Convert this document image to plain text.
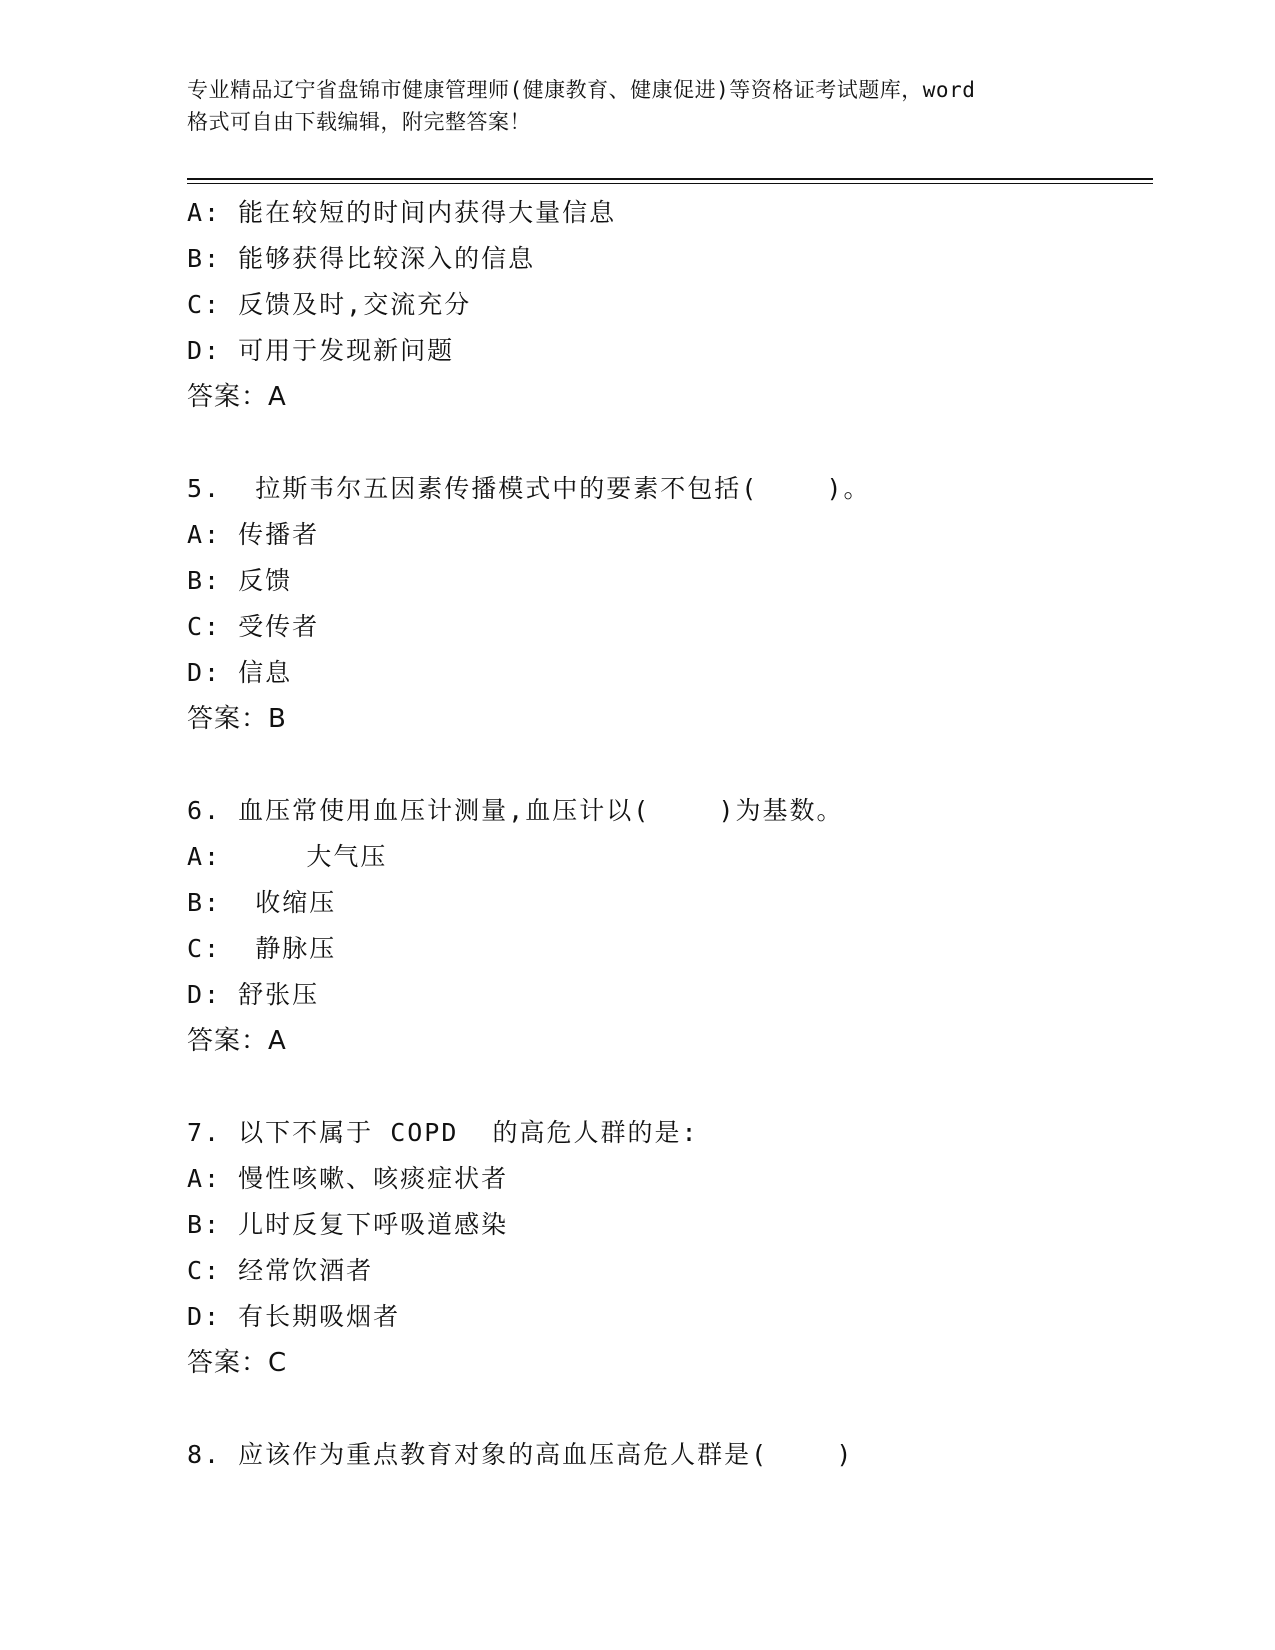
专业精品辽宁省盘锦市健康管理师(健康教育、健康促进)等资格证考试题库，word
格式可自由下载编辑，附完整答案！
A: 能在较短的时间内获得大量信息
B: 能够获得比较深入的信息
C: 反馈及时,交流充分
D: 可用于发现新问题
答案：A
5.  拉斯韦尔五因素传播模式中的要素不包括(    )。
A: 传播者
B: 反馈
C: 受传者
D: 信息
答案：B
6. 血压常使用血压计测量,血压计以(    )为基数。
A:     大气压
B:  收缩压
C:  静脉压
D: 舒张压
答案：A
7. 以下不属于 COPD  的高危人群的是:
A: 慢性咳嗽、咳痰症状者
B: 儿时反复下呼吸道感染
C: 经常饮酒者
D: 有长期吸烟者
答案：C
8. 应该作为重点教育对象的高血压高危人群是(    )
